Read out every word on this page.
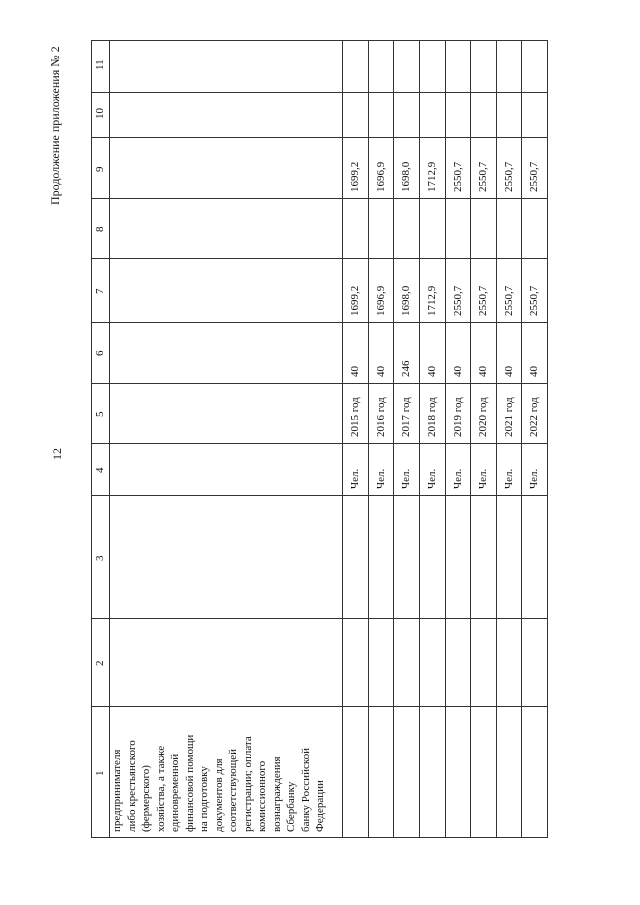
12
Продолжение приложения № 2
1
2
3
4
5
6
7
8
9
10
11
предпринимателя либо крестьянского (фермерского) хозяйства, а также единовременной финансовой помощи на подготовку документов для соответствующей регистрации; оплата комиссионного вознаграждения Сбербанку банку Российской Федерации
Чел.
2015 год
40
1699,2
1699,2
Чел.
2016 год
40
1696,9
1696,9
Чел.
2017 год
246
1698,0
1698,0
Чел.
2018 год
40
1712,9
1712,9
Чел.
2019 год
40
2550,7
2550,7
Чел.
2020 год
40
2550,7
2550,7
Чел.
2021 год
40
2550,7
2550,7
Чел.
2022 год
40
2550,7
2550,7
